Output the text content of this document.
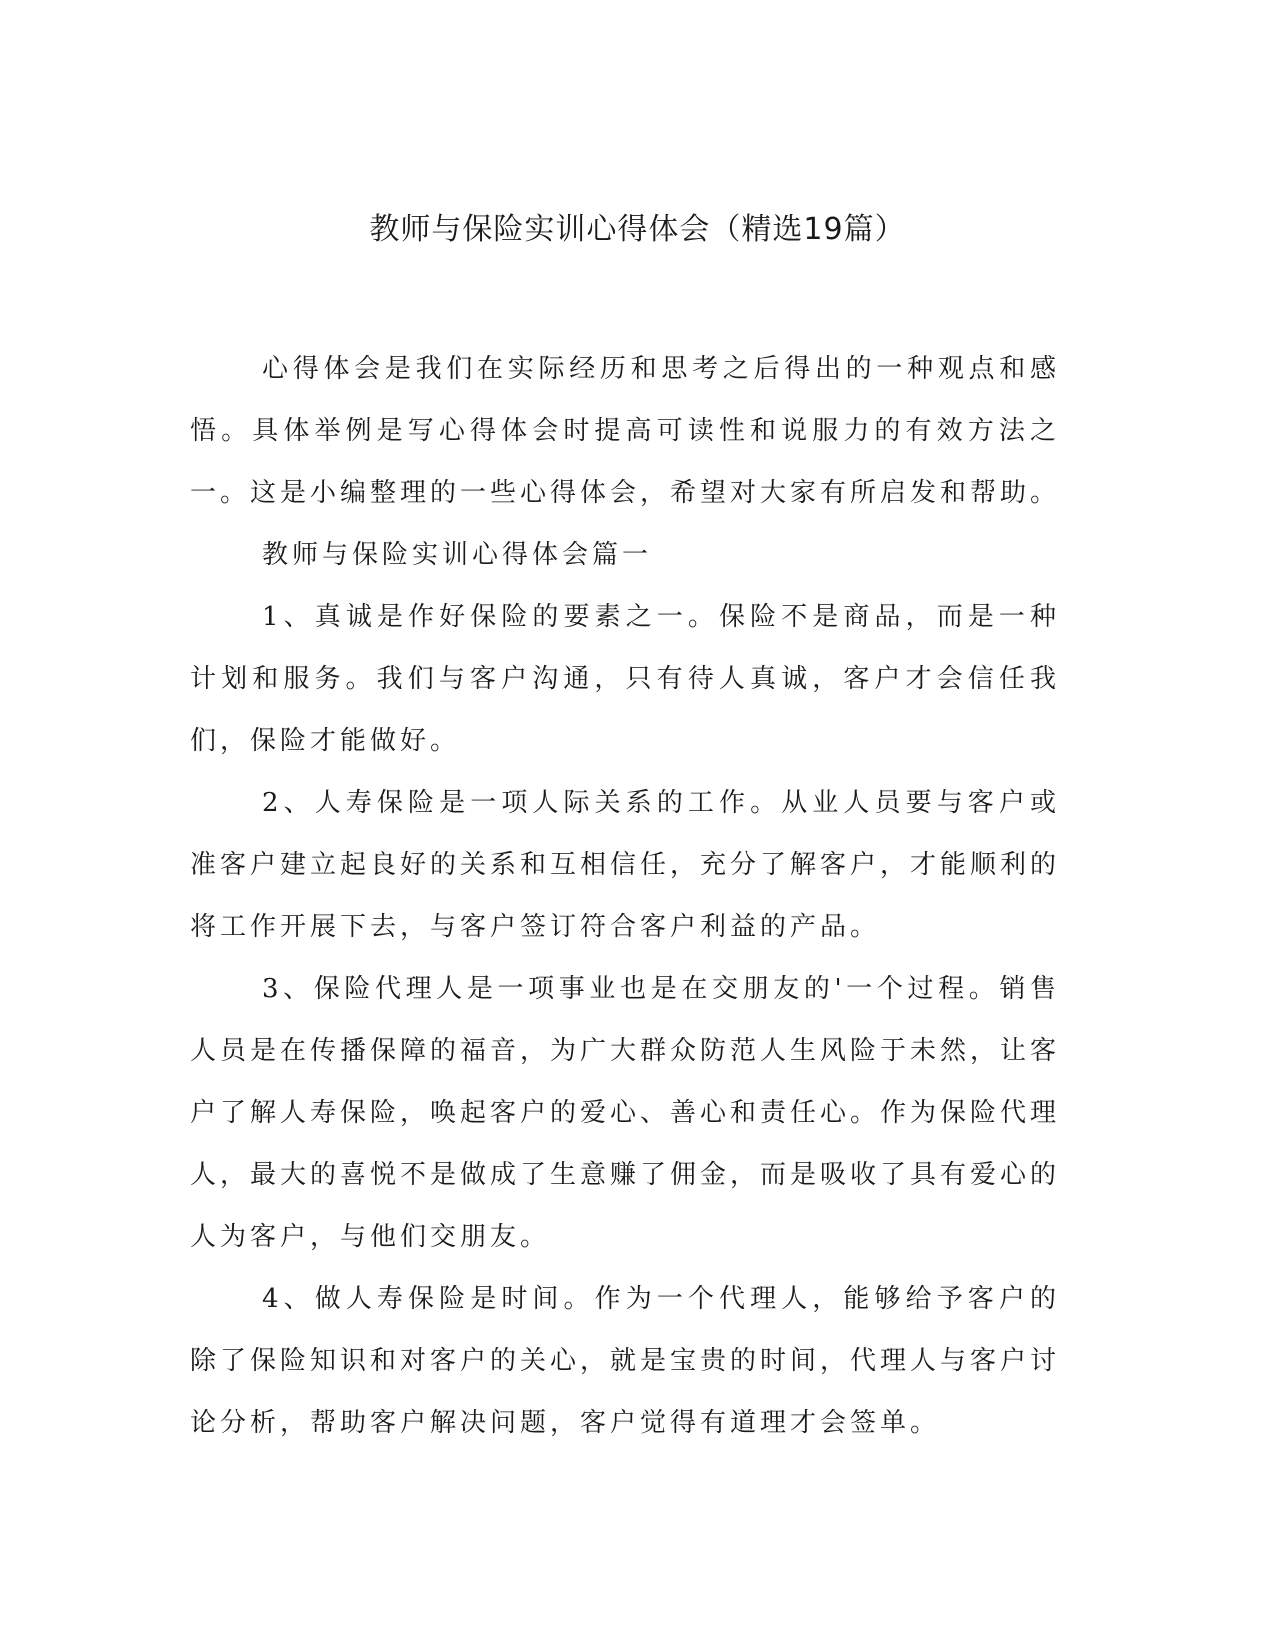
教师与保险实训心得体会（精选19篇）

心得体会是我们在实际经历和思考之后得出的一种观点和感悟。具体举例是写心得体会时提高可读性和说服力的有效方法之一。这是小编整理的一些心得体会，希望对大家有所启发和帮助。

教师与保险实训心得体会篇一

1、真诚是作好保险的要素之一。保险不是商品，而是一种计划和服务。我们与客户沟通，只有待人真诚，客户才会信任我们，保险才能做好。

2、人寿保险是一项人际关系的工作。从业人员要与客户或准客户建立起良好的关系和互相信任，充分了解客户，才能顺利的将工作开展下去，与客户签订符合客户利益的产品。

3、保险代理人是一项事业也是在交朋友的'一个过程。销售人员是在传播保障的福音，为广大群众防范人生风险于未然，让客户了解人寿保险，唤起客户的爱心、善心和责任心。作为保险代理人，最大的喜悦不是做成了生意赚了佣金，而是吸收了具有爱心的人为客户，与他们交朋友。

4、做人寿保险是时间。作为一个代理人，能够给予客户的除了保险知识和对客户的关心，就是宝贵的时间，代理人与客户讨论分析，帮助客户解决问题，客户觉得有道理才会签单。
